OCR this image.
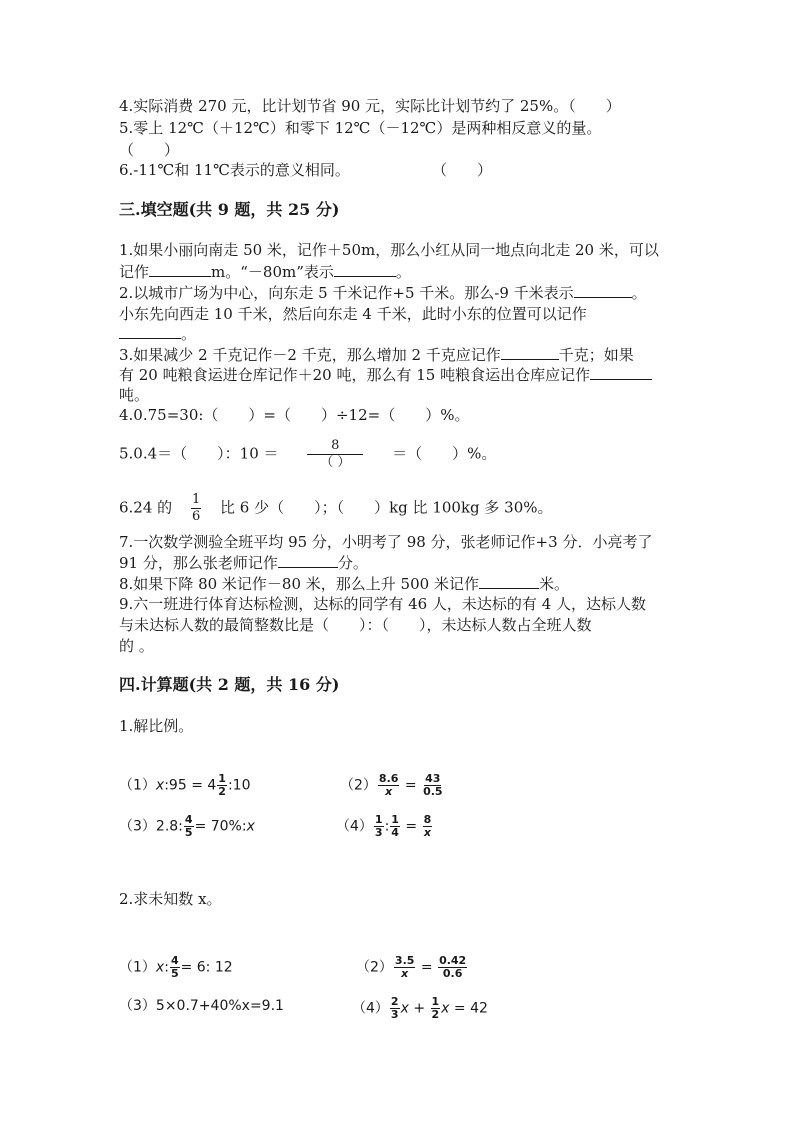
4.实际消费 270 元，比计划节省 90 元，实际比计划节约了 25%。（　　）
5.零上 12℃（＋12℃）和零下 12℃（－12℃）是两种相反意义的量。
（　　）
6.-11℃和 11℃表示的意义相同。	（　　）
三.填空题(共 9 题，共 25 分)
1.如果小丽向南走 50 米，记作＋50m，那么小红从同一地点向北走 20 米，可以
记作	m。“－80m”表示	。
2.以城市广场为中心，向东走 5 千米记作+5 千米。那么-9 千米表示	。
小东先向西走 10 千米，然后向东走 4 千米，此时小东的位置可以记作
。
3.如果减少 2 千克记作－2 千克，那么增加 2 千克应记作	千克；如果
有 20 吨粮食运进仓库记作＋20 吨，那么有 15 吨粮食运出仓库应记作
吨。
4.0.75=30:（　　）=（　　）÷12=（　　）%。
5.0.4＝（　　）：$10 = \frac{8}{( )}$ ＝（　　）%。
6.24 的 $\frac{1}{6}$ 比 6 少（　　）；（　　）kg 比 100kg 多 30%。
7.一次数学测验全班平均 95 分，小明考了 98 分，张老师记作+3 分．小亮考了
91 分，那么张老师记作	分。
8.如果下降 80 米记作－80 米，那么上升 500 米记作	米。
9.六一班进行体育达标检测，达标的同学有 46 人，未达标的有 4 人，达标人数
与未达标人数的最简整数比是（　　）：（　　），未达标人数占全班人数
的 。
四.计算题(共 2 题，共 16 分)
1.解比例。
（1）x:95 = $4 \frac{1}{2}$ :10	$(2) \frac{8.6}{x} = \frac{43}{0.5}$
（3）2.8: $\frac{4}{5}$ = 70%:x	$(4) \frac{1}{3}$ : $\frac{1}{4} = \frac{8}{x}$
2.求未知数 x。
（1）x: $\frac{4}{5} = 6$: 12	$(2) \frac{3.5}{x} = \frac{0.42}{0.6}$
（3）5×0.7+40%x=9.1	$(4) \frac{2}{3}$ $x + \frac{1}{2}$ x = 42
